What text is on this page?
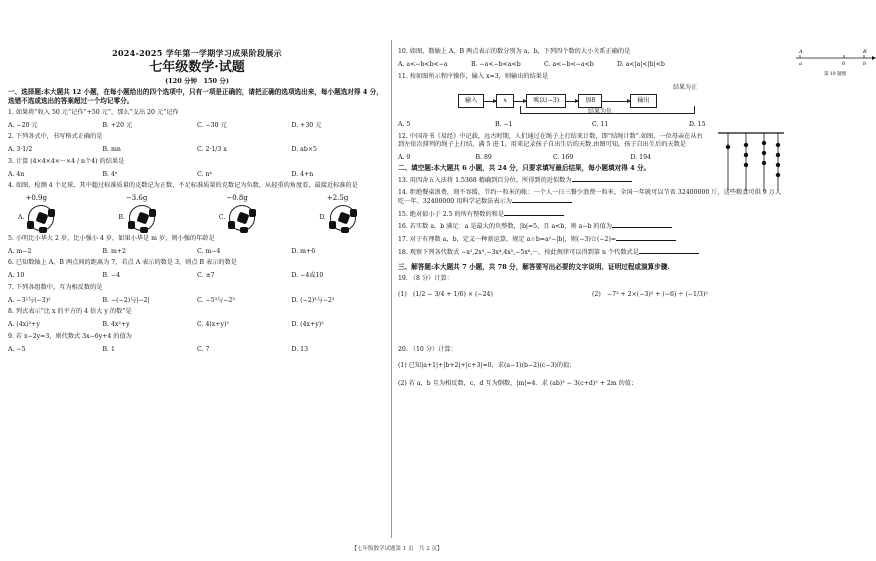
2024-2025 学年第一学期学习成果阶段展示
七年级数学·试题
(120 分钟　150 分)
一、选择题:本大题共 12 小题，在每小题给出的四个选项中，只有一项是正确的，请把正确的选项选出来，每小题选对得 4 分，选错不选或选出的答案超过一个均记零分。
1. 如果将“收入 50 元”记作“+50 元”，那么“支出 20 元”记作
A. −20 元	B. +20 元	C. −30 元	D. +30 元
2. 下列各式中，书写格式正确的是
A. 3·1/2	B. mn	C. 2·1/3 x	D. ab×5
3. 计算 (4×4×4×···×4 / n个4) 的结果是
A. 4n	B. 4ⁿ	C. n⁴	D. 4+n
4. 如图，检测 4 个足球，其中超过标准质量的克数记为正数，不足标准质量的克数记为负数，从轻重的角度看，最接近标准的是
+0.9g
A.
−3.6g
B.
−0.8g
C.
+2.5g
D.
5. 小明比小华大 2 岁，比小强小 4 岁，如果小华是 m 岁，则小强的年龄是
A. m−2	B. m+2	C. m−4	D. m+6
6. 已知数轴上 A，B 两点间的距离为 7，若点 A 表示的数是 3，则点 B 表示的数是
A. 10	B. −4	C. ±7	D. −4或10
7. 下列各组数中，互为相反数的是
A. −3²与(−3)²	B. −(−2)与|−2|	C. −5³与−2³	D. (−2)³与−2³
8. 列式表示“比 x 的平方的 4 倍大 y 的数”是
A. (4x)²+y	B. 4x²+y	C. 4(x+y)²	D. (4x+y)²
9. 若 x−2y=3，则代数式 3x−6y+4 的值为
A. −5	B. 1	C. 7	D. 13
10. 如图，数轴上 A，B 两点表示的数分别为 a，b，下列四个数的大小关系正确的是	A
a	0	b
B
第 10 题图
A. a<−b<b<−a	B. −a<−b<a<b	C. a<−b<−a<b	D. a<|a|<|b|<b
11. 按如图所示程序操作，输入 x=3，则输出的结果是
输入	x	乘以(−3)	加8	输出
结果为正
结果为负
A. 5	B. −1	C. 11	D. 15
12. 中国奇书《易经》中记载，远古时期，人们通过在绳子上打结来计数，即“结绳计数”.如图，一位母亲在从右到左依次排列的绳子上打结，满 5 进 1，用来记录孩子自出生后的天数.由图可知，孩子自出生后的天数是
A. 9	B. 89	C. 169	D. 194
二、填空题:本大题共 6 小题，共 24 分，只要求填写最后结果，每小题填对得 4 分。
13. 用四舍五入法将 1.5368 精确到百分位，所得到的近似数为
14. 拒绝餐桌浪费，刻不容缓，节约一粒米的帐：一个人一日三餐少浪费一粒米，全国一年就可以节省 32400000 斤，这些粮食可供 9 万人吃一年。32400000 用科学记数法表示为
15. 绝对值小于 2.5 的所有整数的和是
16. 若实数 a，b 满足：a 是最大的负整数，|b|=5，且 a<b，则 a−b 的值为
17. 对于有理数 a，b，定义一种新运算，规定 a☆b=a²−|b|，则(−3)☆(−2)=
18. 观察下列各代数式 −x²,2x³,−3x⁴,4x⁵,−5x⁶,···，按此规律可以得到第 n 个代数式是
三、解答题:本大题共 7 小题，共 78 分，解答要写出必要的文字说明、证明过程或演算步骤.
19. （8 分）计算：
(1)　(1/2 − 3/4 + 1/6) × (−24)	(2)　−7² + 2×(−3)² + (−6) ÷ (−1/3)²
20. （10 分）计算：
(1) 已知|a+1|+|b+2|+|c+3|=0，求(a−1)(b−2)(c−3)的值；
(2) 若 a，b 互为相反数，c，d 互为倒数，|m|=4．求 (ab)³ − 3(c+d)² + 2m 的值；
【七年级数学试题第 1 页　共 2 页】
